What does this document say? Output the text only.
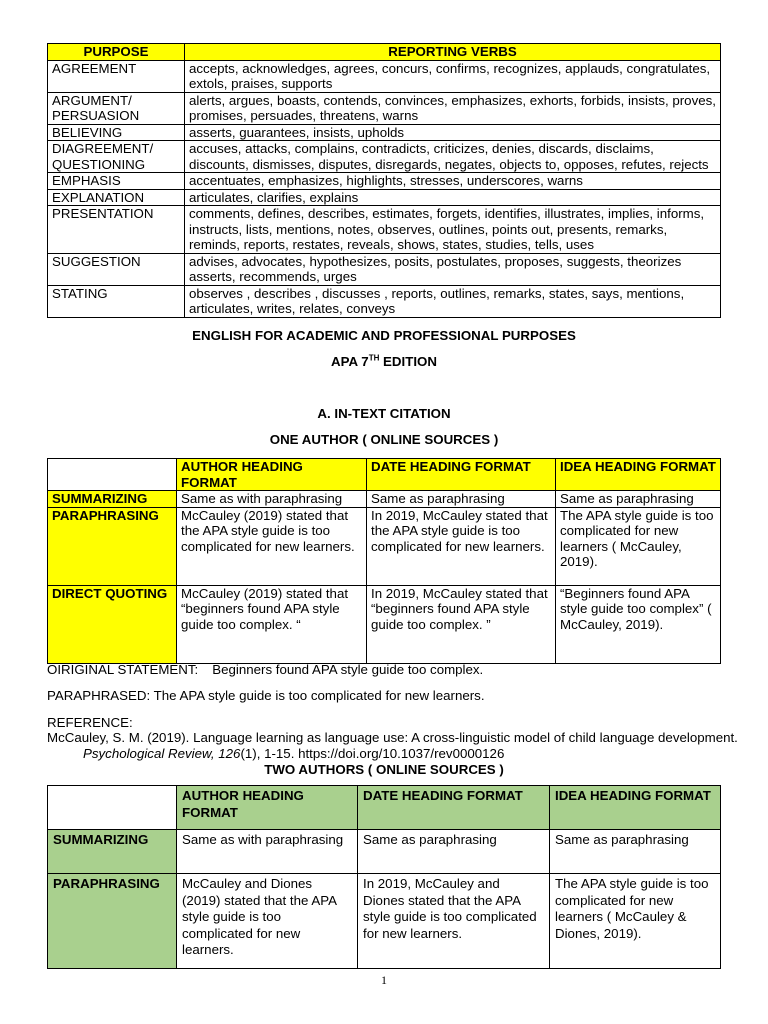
PURPOSE	REPORTING VERBS
AGREEMENT	accepts, acknowledges, agrees, concurs, confirms, recognizes, applauds, congratulates, extols, praises, supports
ARGUMENT/ PERSUASION	alerts, argues, boasts, contends, convinces, emphasizes, exhorts, forbids, insists, proves, promises, persuades, threatens, warns
BELIEVING	asserts, guarantees, insists, upholds
DIAGREEMENT/ QUESTIONING	accuses, attacks, complains, contradicts, criticizes, denies, discards, disclaims, discounts, dismisses, disputes, disregards, negates, objects to, opposes, refutes, rejects
EMPHASIS	accentuates, emphasizes, highlights, stresses, underscores, warns
EXPLANATION	articulates, clarifies, explains
PRESENTATION	comments, defines, describes, estimates, forgets, identifies, illustrates, implies, informs, instructs, lists, mentions, notes, observes, outlines, points out, presents, remarks, reminds, reports, restates, reveals, shows, states, studies, tells, uses
SUGGESTION	advises, advocates, hypothesizes, posits, postulates, proposes, suggests, theorizes asserts, recommends, urges
STATING	observes , describes , discusses , reports, outlines, remarks, states, says, mentions, articulates, writes, relates, conveys
ENGLISH FOR ACADEMIC AND PROFESSIONAL PURPOSES
APA 7TH EDITION
A. IN-TEXT CITATION
ONE AUTHOR ( ONLINE SOURCES )
	AUTHOR HEADING FORMAT	DATE HEADING FORMAT	IDEA HEADING FORMAT
SUMMARIZING	Same as with paraphrasing	Same as paraphrasing	Same as paraphrasing
PARAPHRASING	McCauley (2019) stated that the APA style guide is too complicated for new learners.	In 2019, McCauley stated that the APA style guide is too complicated for new learners.	The APA style guide is too complicated for new learners ( McCauley, 2019).
DIRECT QUOTING	McCauley (2019) stated that “beginners found APA style guide too complex. “	In 2019, McCauley stated that “beginners found APA style guide too complex. ”	“Beginners found APA style guide too complex” ( McCauley, 2019).
OIRIGINAL STATEMENT: Beginners found APA style guide too complex.
PARAPHRASED: The APA style guide is too complicated for new learners.
REFERENCE:
McCauley, S. M. (2019). Language learning as language use: A cross-linguistic model of child language development. Psychological Review, 126(1), 1-15. https://doi.org/10.1037/rev0000126
TWO AUTHORS ( ONLINE SOURCES )
	AUTHOR HEADING FORMAT	DATE HEADING FORMAT	IDEA HEADING FORMAT
SUMMARIZING	Same as with paraphrasing	Same as paraphrasing	Same as paraphrasing
PARAPHRASING	McCauley and Diones (2019) stated that the APA style guide is too complicated for new learners.	In 2019, McCauley and Diones stated that the APA style guide is too complicated for new learners.	The APA style guide is too complicated for new learners ( McCauley & Diones, 2019).
1
